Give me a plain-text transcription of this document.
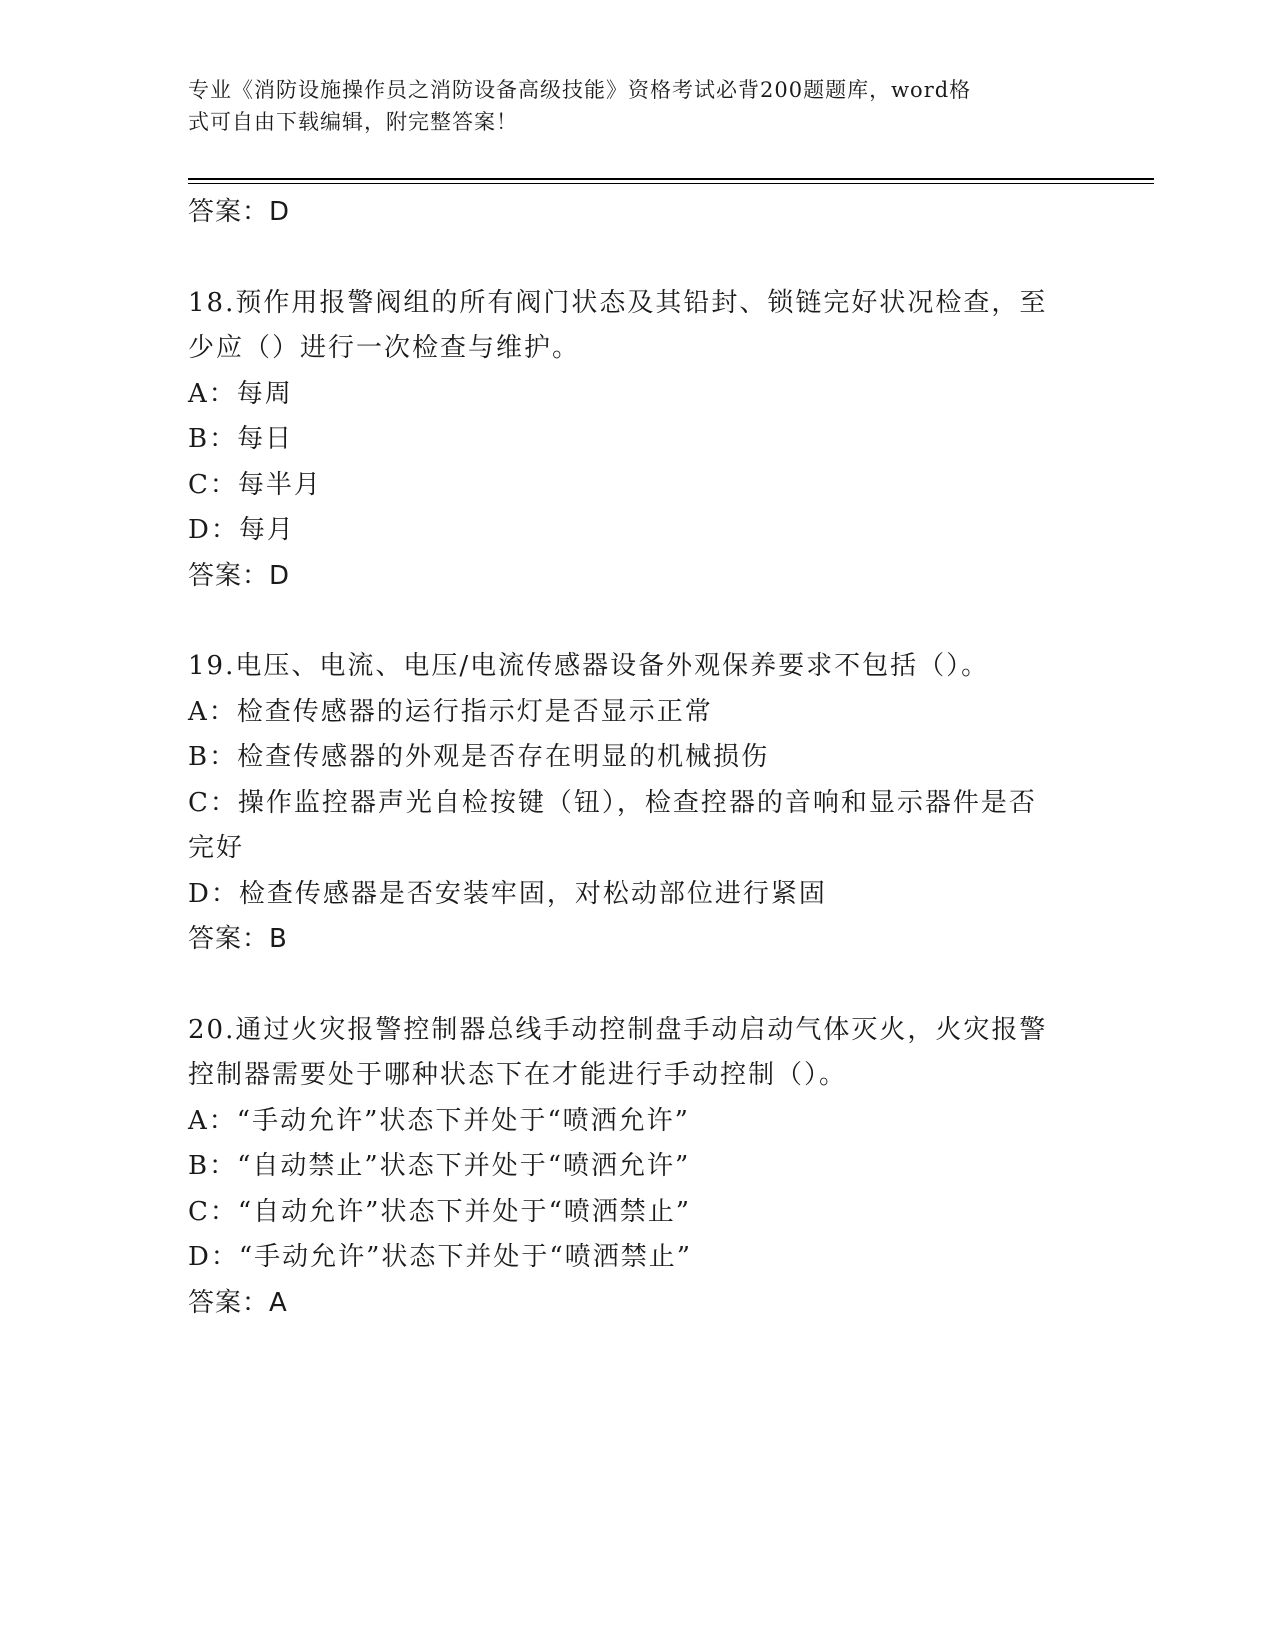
专业《消防设施操作员之消防设备高级技能》资格考试必背200题题库，word格
式可自由下载编辑，附完整答案！
答案：D
18.预作用报警阀组的所有阀门状态及其铅封、锁链完好状况检查，至
少应（）进行一次检查与维护。
A：每周
B：每日
C：每半月
D：每月
答案：D
19.电压、电流、电压/电流传感器设备外观保养要求不包括（）。
A：检查传感器的运行指示灯是否显示正常
B：检查传感器的外观是否存在明显的机械损伤
C：操作监控器声光自检按键（钮），检查控器的音响和显示器件是否
完好
D：检查传感器是否安装牢固，对松动部位进行紧固
答案：B
20.通过火灾报警控制器总线手动控制盘手动启动气体灭火，火灾报警
控制器需要处于哪种状态下在才能进行手动控制（）。
A：“手动允许”状态下并处于“喷洒允许”
B：“自动禁止”状态下并处于“喷洒允许”
C：“自动允许”状态下并处于“喷洒禁止”
D：“手动允许”状态下并处于“喷洒禁止”
答案：A
